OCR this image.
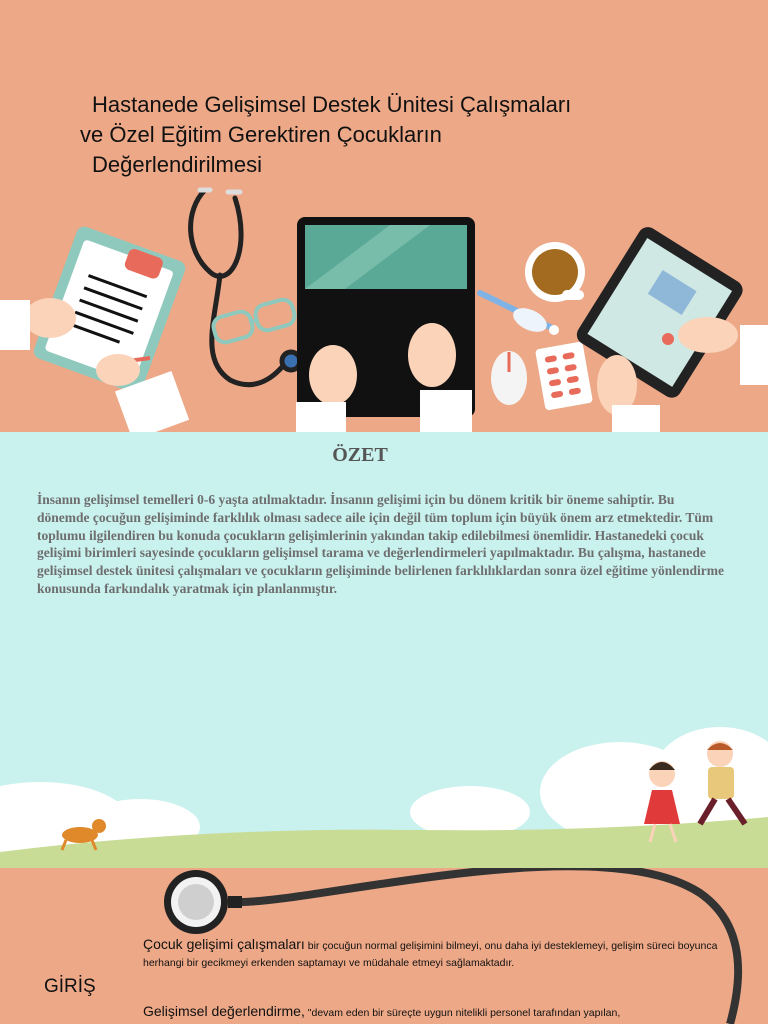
Hastanede Gelişimsel Destek Ünitesi Çalışmaları
ve Özel Eğitim Gerektiren Çocukların
Değerlendirilmesi
ÖZET

İnsanın gelişimsel temelleri 0-6 yaşta atılmaktadır. İnsanın gelişimi için bu dönem kritik bir öneme sahiptir. Bu dönemde çocuğun gelişiminde farklılık olması sadece aile için değil tüm toplum için büyük önem arz etmektedir. Tüm toplumu ilgilendiren bu konuda çocukların gelişimlerinin yakından takip edilebilmesi önemlidir. Hastanedeki çocuk gelişimi birimleri sayesinde çocukların gelişimsel tarama ve değerlendirmeleri yapılmaktadır. Bu çalışma, hastanede gelişimsel destek ünitesi çalışmaları ve çocukların gelişiminde belirlenen farklılıklardan sonra özel eğitime yönlendirme konusunda farkındalık yaratmak için planlanmıştır.

GİRİŞ

Çocuk gelişimi çalışmaları bir çocuğun normal gelişimini bilmeyi, onu daha iyi desteklemeyi, gelişim süreci boyunca herhangi bir gecikmeyi erkenden saptamayı ve müdahale etmeyi sağlamaktadır.

Gelişimsel değerlendirme, "devam eden bir süreçte uygun nitelikli personel tarafından yapılan,
